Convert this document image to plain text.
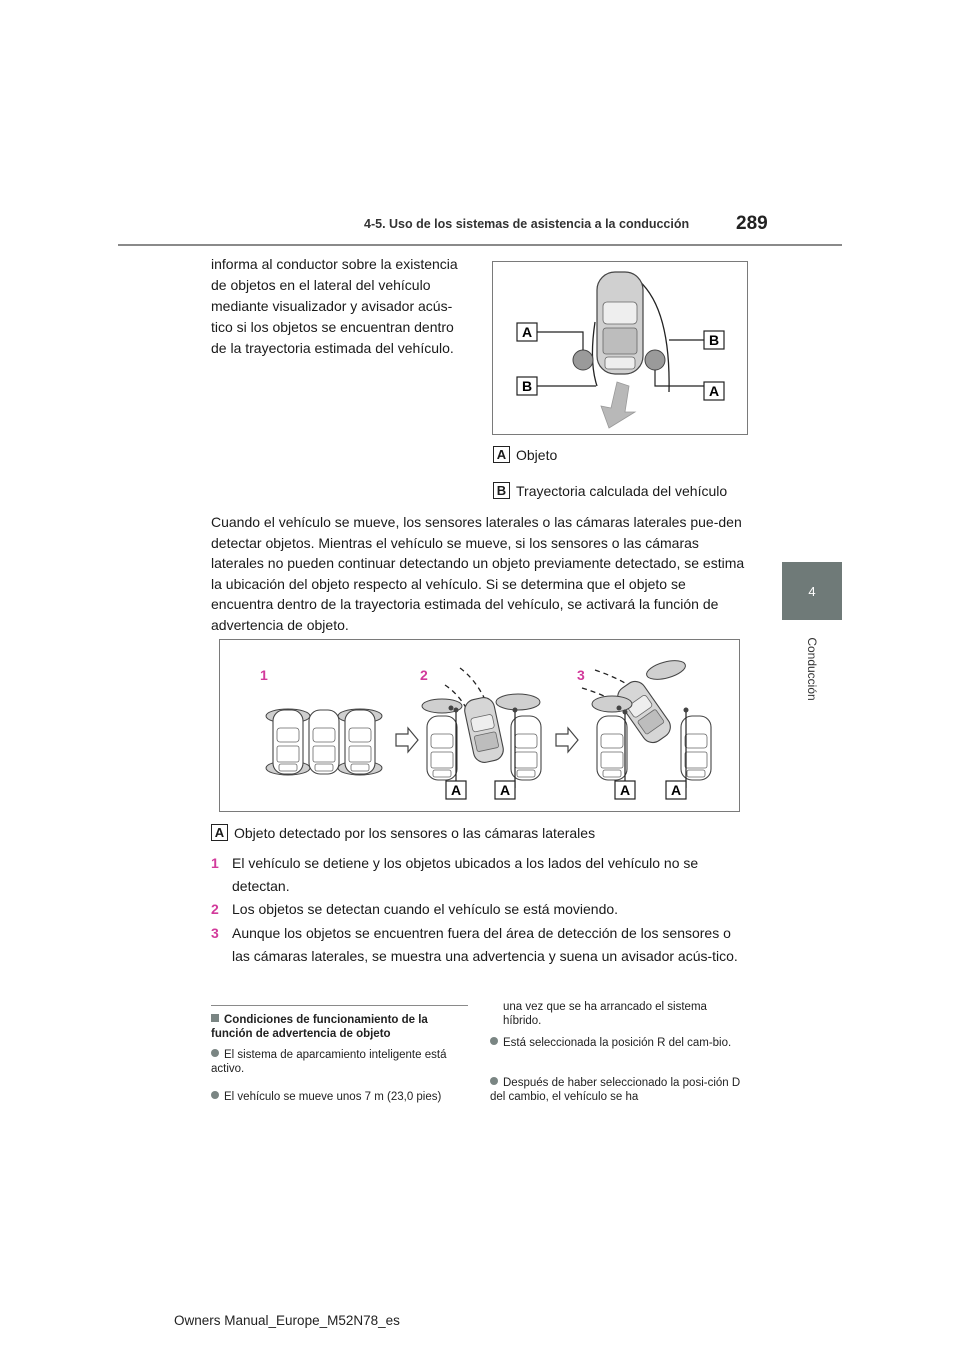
4-5. Uso de los sistemas de asistencia a la conducción 289
4
Conducción
informa al conductor sobre la existencia de objetos en el lateral del vehículo mediante visualizador y avisador acús-tico si los objetos se encuentran dentro de la trayectoria estimada del vehículo.
A
B
B
A
A Objeto
B Trayectoria calculada del vehículo
Cuando el vehículo se mueve, los sensores laterales o las cámaras laterales pue-den detectar objetos. Mientras el vehículo se mueve, si los sensores o las cámaras laterales no pueden continuar detectando un objeto previamente detectado, se estima la ubicación del objeto respecto al vehículo. Si se determina que el objeto se encuentra dentro de la trayectoria estimada del vehículo, se activará la función de advertencia de objeto.
1	2	3
A	A	A	A
A Objeto detectado por los sensores o las cámaras laterales
1 El vehículo se detiene y los objetos ubicados a los lados del vehículo no se detectan.
2 Los objetos se detectan cuando el vehículo se está moviendo.
3 Aunque los objetos se encuentren fuera del área de detección de los sensores o las cámaras laterales, se muestra una advertencia y suena un avisador acús-tico.
Condiciones de funcionamiento de la función de advertencia de objeto
El sistema de aparcamiento inteligente está activo.
El vehículo se mueve unos 7 m (23,0 pies)
una vez que se ha arrancado el sistema híbrido.
Está seleccionada la posición R del cam-bio.
Después de haber seleccionado la posi-ción D del cambio, el vehículo se ha
Owners Manual_Europe_M52N78_es
